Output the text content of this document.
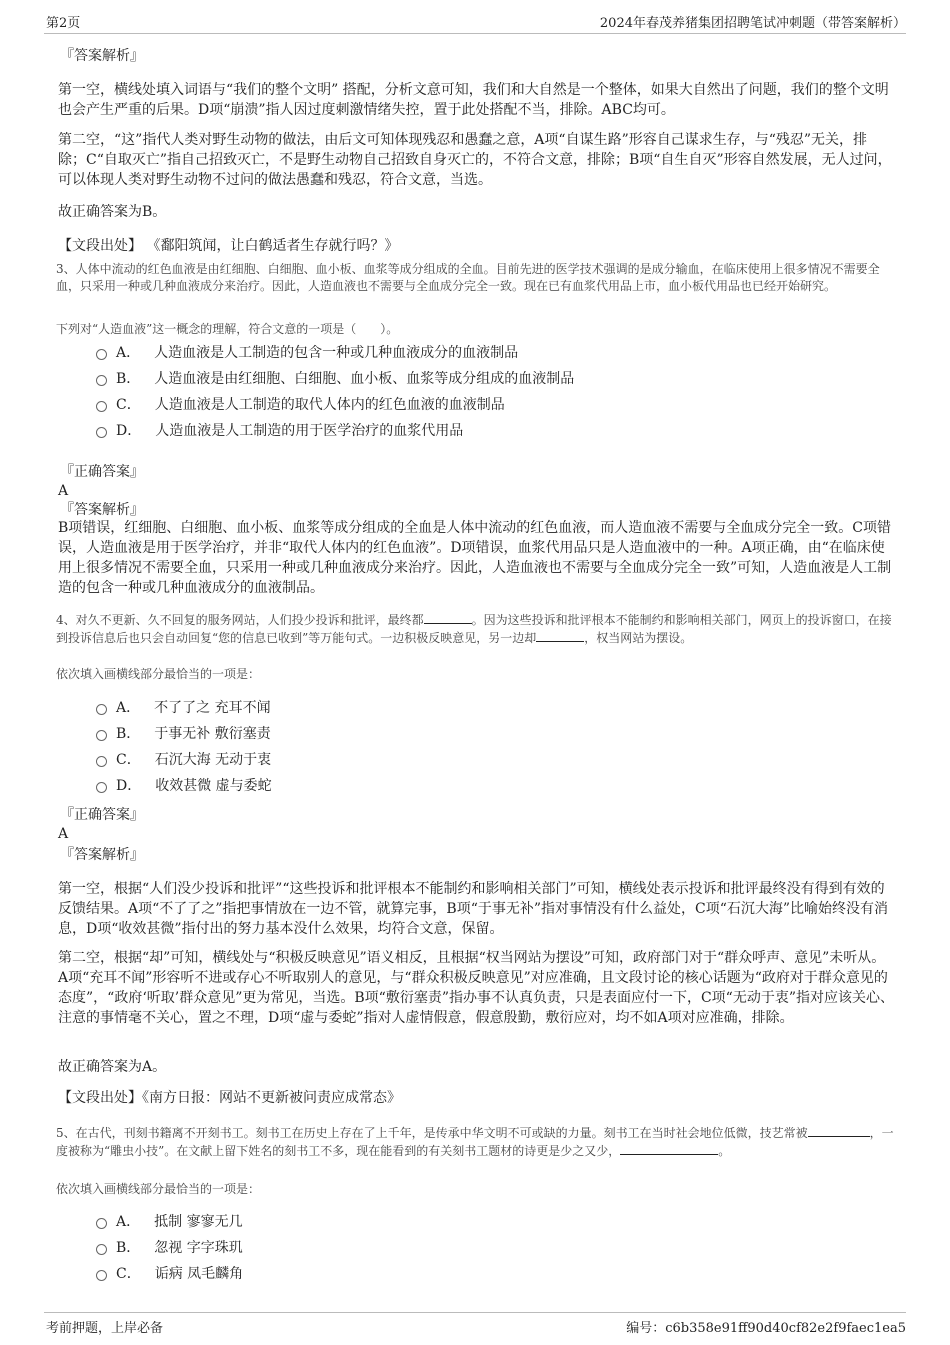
第2页	2024年春茂养猪集团招聘笔试冲刺题（带答案解析）
『答案解析』
第一空，横线处填入词语与“我们的整个文明” 搭配，分析文意可知，我们和大自然是一个整体，如果大自然出了问题，我们的整个文明也会产生严重的后果。D项“崩溃”指人因过度刺激情绪失控，置于此处搭配不当，排除。ABC均可。
第二空，“这”指代人类对野生动物的做法，由后文可知体现残忍和愚蠢之意，A项“自谋生路”形容自己谋求生存，与“残忍”无关，排除；C“自取灭亡”指自己招致灭亡，不是野生动物自己招致自身灭亡的，不符合文意，排除；B项“自生自灭”形容自然发展，无人过问，可以体现人类对野生动物不过问的做法愚蠢和残忍，符合文意，当选。
故正确答案为B。
【文段出处】 《鄱阳筑闻，让白鹤适者生存就行吗？》
3、人体中流动的红色血液是由红细胞、白细胞、血小板、血浆等成分组成的全血。目前先进的医学技术强调的是成分输血，在临床使用上很多情况不需要全血，只采用一种或几种血液成分来治疗。因此，人造血液也不需要与全血成分完全一致。现在已有血浆代用品上市，血小板代用品也已经开始研究。
下列对“人造血液”这一概念的理解，符合文意的一项是（　　）。
A． 人造血液是人工制造的包含一种或几种血液成分的血液制品
B． 人造血液是由红细胞、白细胞、血小板、血浆等成分组成的血液制品
C． 人造血液是人工制造的取代人体内的红色血液的血液制品
D． 人造血液是人工制造的用于医学治疗的血浆代用品
『正确答案』
A
『答案解析』
B项错误，红细胞、白细胞、血小板、血浆等成分组成的全血是人体中流动的红色血液，而人造血液不需要与全血成分完全一致。C项错误，人造血液是用于医学治疗，并非“取代人体内的红色血液”。D项错误，血浆代用品只是人造血液中的一种。A项正确，由“在临床使用上很多情况不需要全血，只采用一种或几种血液成分来治疗。因此，人造血液也不需要与全血成分完全一致”可知，人造血液是人工制造的包含一种或几种血液成分的血液制品。
4、对久不更新、久不回复的服务网站，人们投少投诉和批评，最终都	。因为这些投诉和批评根本不能制约和影响相关部门，网页上的投诉窗口，在接到投诉信息后也只会自动回复“您的信息已收到”等万能句式。一边积极反映意见，另一边却	，权当网站为摆设。
依次填入画横线部分最恰当的一项是：
A． 不了了之 充耳不闻
B． 于事无补 敷衍塞责
C． 石沉大海 无动于衷
D． 收效甚微 虚与委蛇
『正确答案』
A
『答案解析』
第一空，根据“人们没少投诉和批评”“这些投诉和批评根本不能制约和影响相关部门”可知，横线处表示投诉和批评最终没有得到有效的反馈结果。A项“不了了之”指把事情放在一边不管，就算完事，B项“于事无补”指对事情没有什么益处，C项“石沉大海”比喻始终没有消息，D项“收效甚微”指付出的努力基本没什么效果，均符合文意，保留。
第二空，根据“却”可知，横线处与“积极反映意见”语义相反，且根据“权当网站为摆设”可知，政府部门对于“群众呼声、意见”未听从。A项“充耳不闻”形容听不进或存心不听取别人的意见，与“群众积极反映意见”对应准确，且文段讨论的核心话题为“政府对于群众意见的态度”，“政府‘听取’群众意见”更为常见，当选。B项“敷衍塞责”指办事不认真负责，只是表面应付一下，C项“无动于衷”指对应该关心、注意的事情毫不关心，置之不理，D项“虚与委蛇”指对人虚情假意，假意殷勤，敷衍应对，均不如A项对应准确，排除。
故正确答案为A。
【文段出处】《南方日报：网站不更新被问责应成常态》
5、在古代，刊刻书籍离不开刻书工。刻书工在历史上存在了上千年，是传承中华文明不可或缺的力量。刻书工在当时社会地位低微，技艺常被	，一度被称为“雕虫小技”。在文献上留下姓名的刻书工不多，现在能看到的有关刻书工题材的诗更是少之又少，	。
依次填入画横线部分最恰当的一项是：
A． 抵制 寥寥无几
B． 忽视 字字珠玑
C． 诟病 凤毛麟角
考前押题，上岸必备	编号：c6b358e91ff90d40cf82e2f9faec1ea5
